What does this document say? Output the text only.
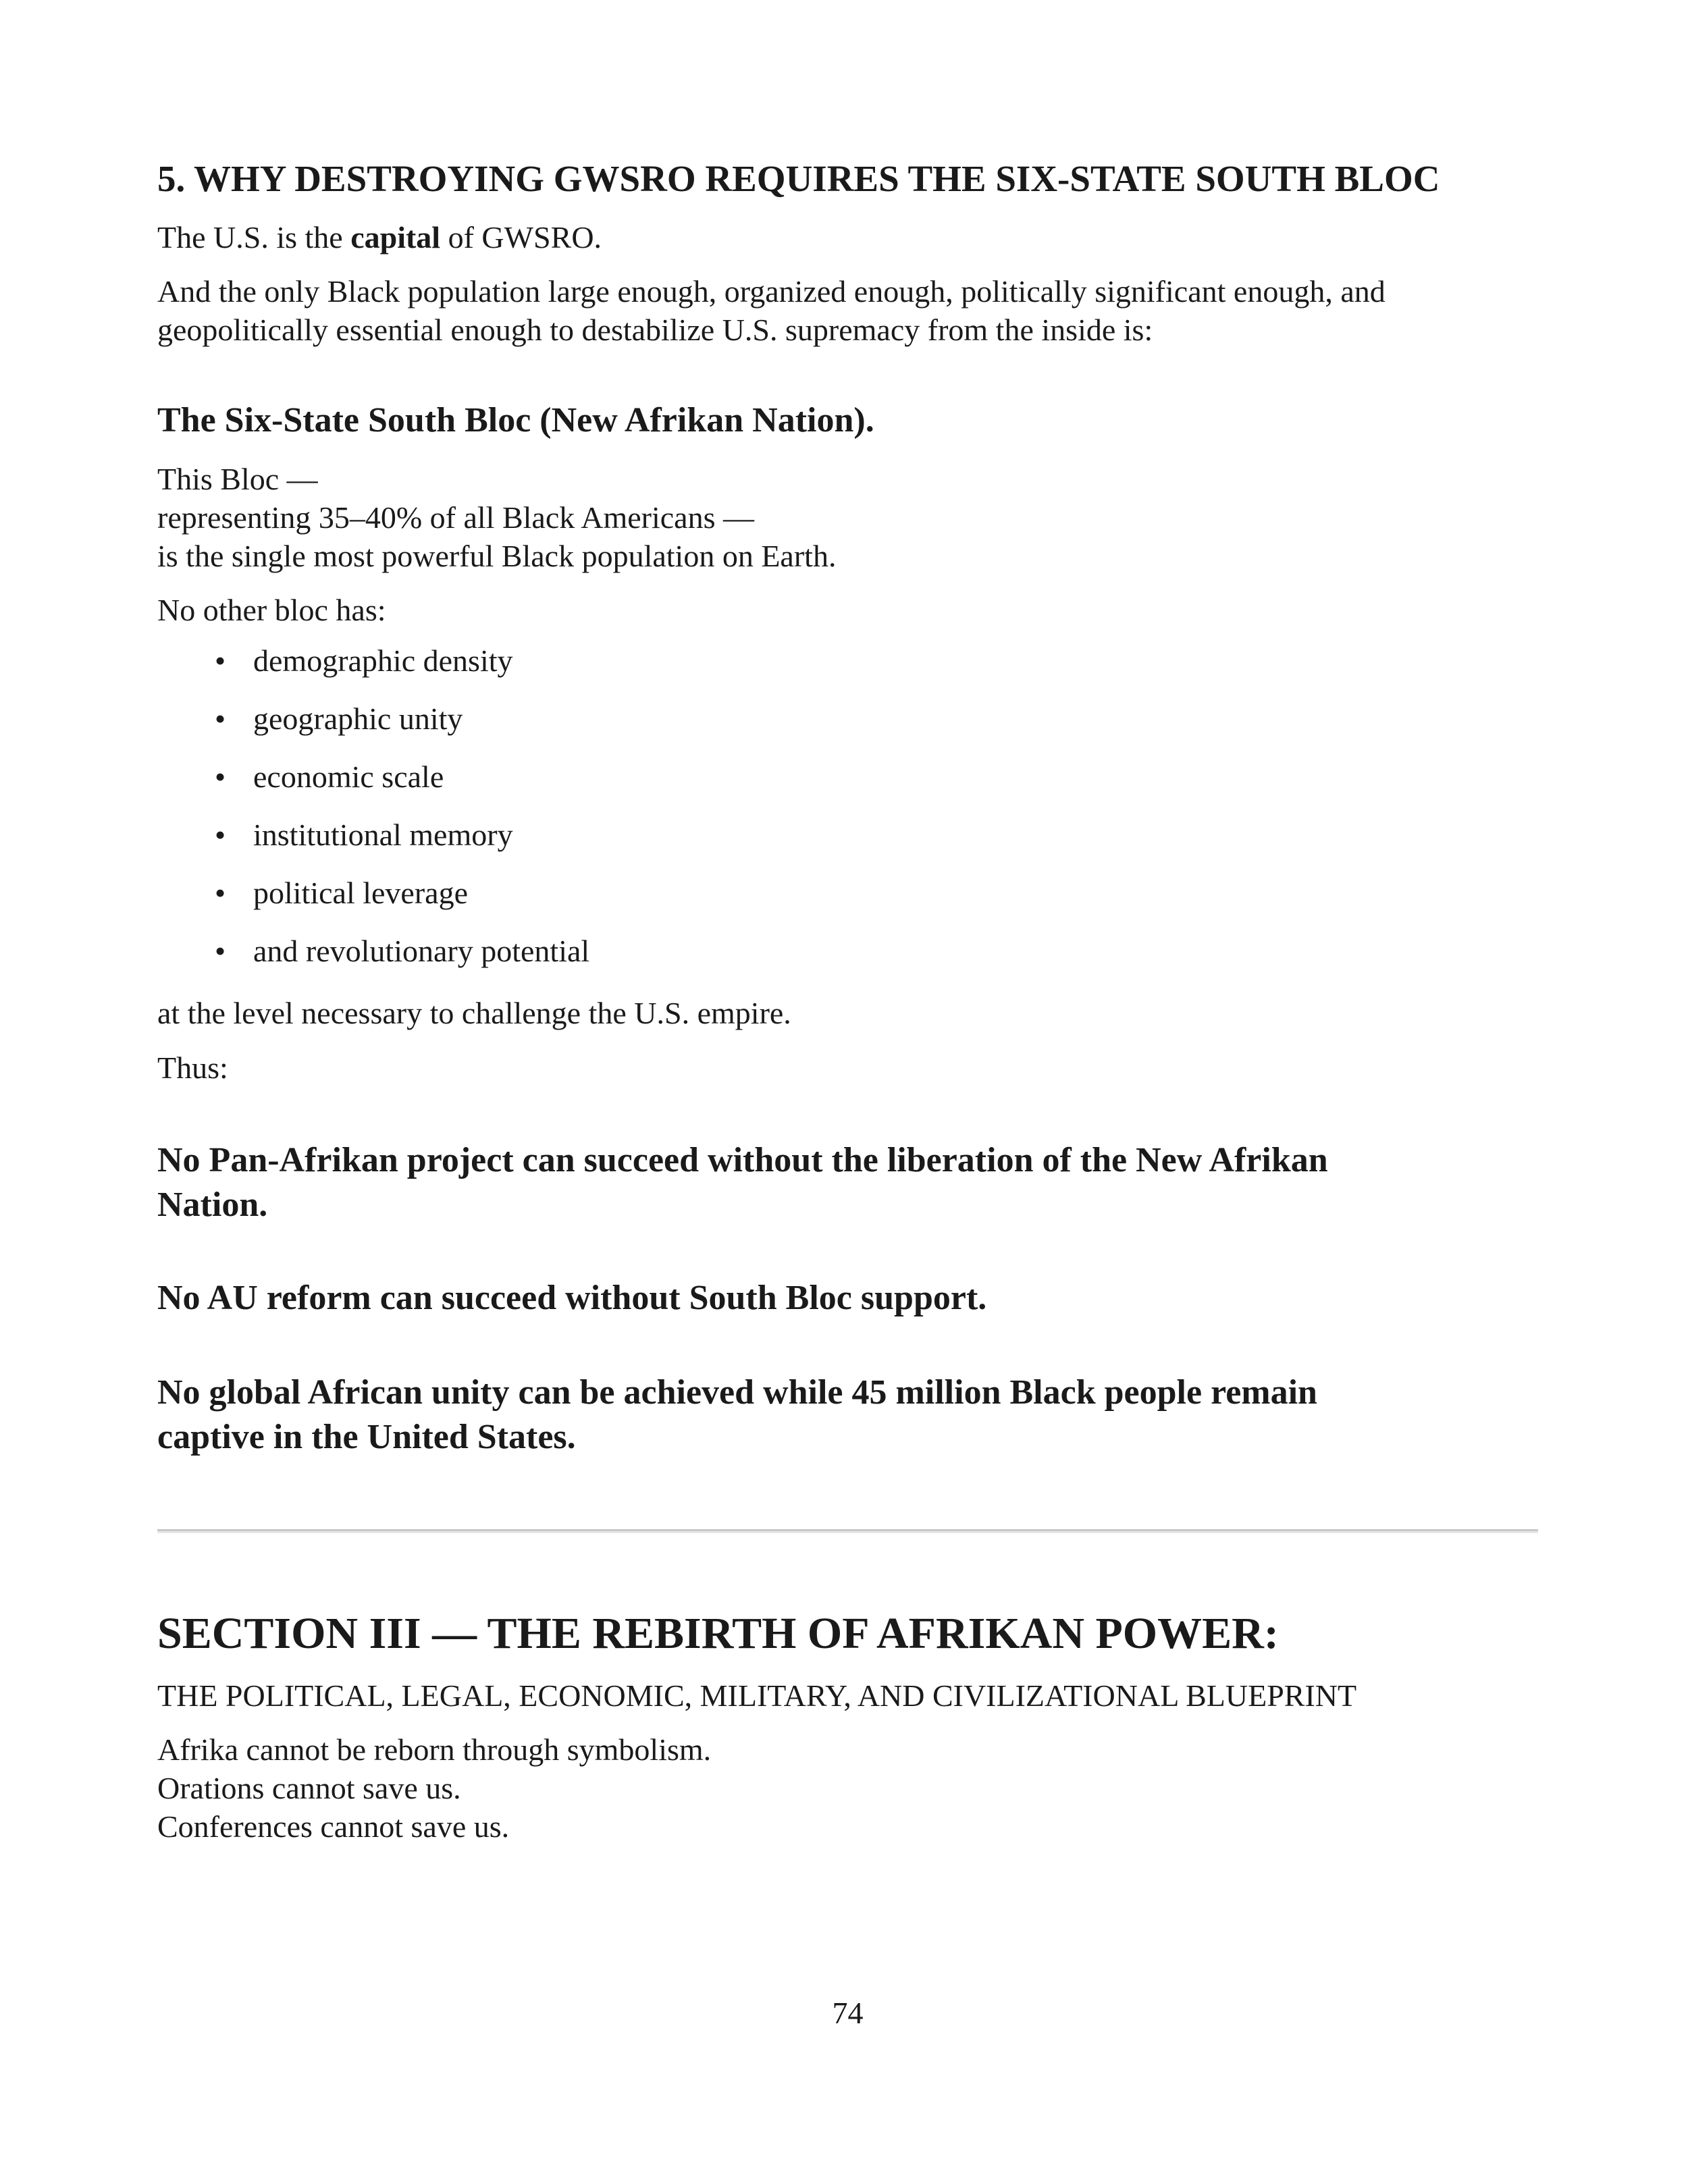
5. WHY DESTROYING GWSRO REQUIRES THE SIX-STATE SOUTH BLOC

The U.S. is the capital of GWSRO.

And the only Black population large enough, organized enough, politically significant enough, and

geopolitically essential enough to destabilize U.S. supremacy from the inside is:

The Six-State South Bloc (New Afrikan Nation).

This Bloc —

representing 35–40% of all Black Americans —

is the single most powerful Black population on Earth.

No other bloc has:

• demographic density
• geographic unity
• economic scale
• institutional memory
• political leverage
• and revolutionary potential

at the level necessary to challenge the U.S. empire.

Thus:

No Pan-Afrikan project can succeed without the liberation of the New Afrikan

Nation.

No AU reform can succeed without South Bloc support.

No global African unity can be achieved while 45 million Black people remain

captive in the United States.

SECTION III — THE REBIRTH OF AFRIKAN POWER:

THE POLITICAL, LEGAL, ECONOMIC, MILITARY, AND CIVILIZATIONAL BLUEPRINT

Afrika cannot be reborn through symbolism.

Orations cannot save us.

Conferences cannot save us.

74
